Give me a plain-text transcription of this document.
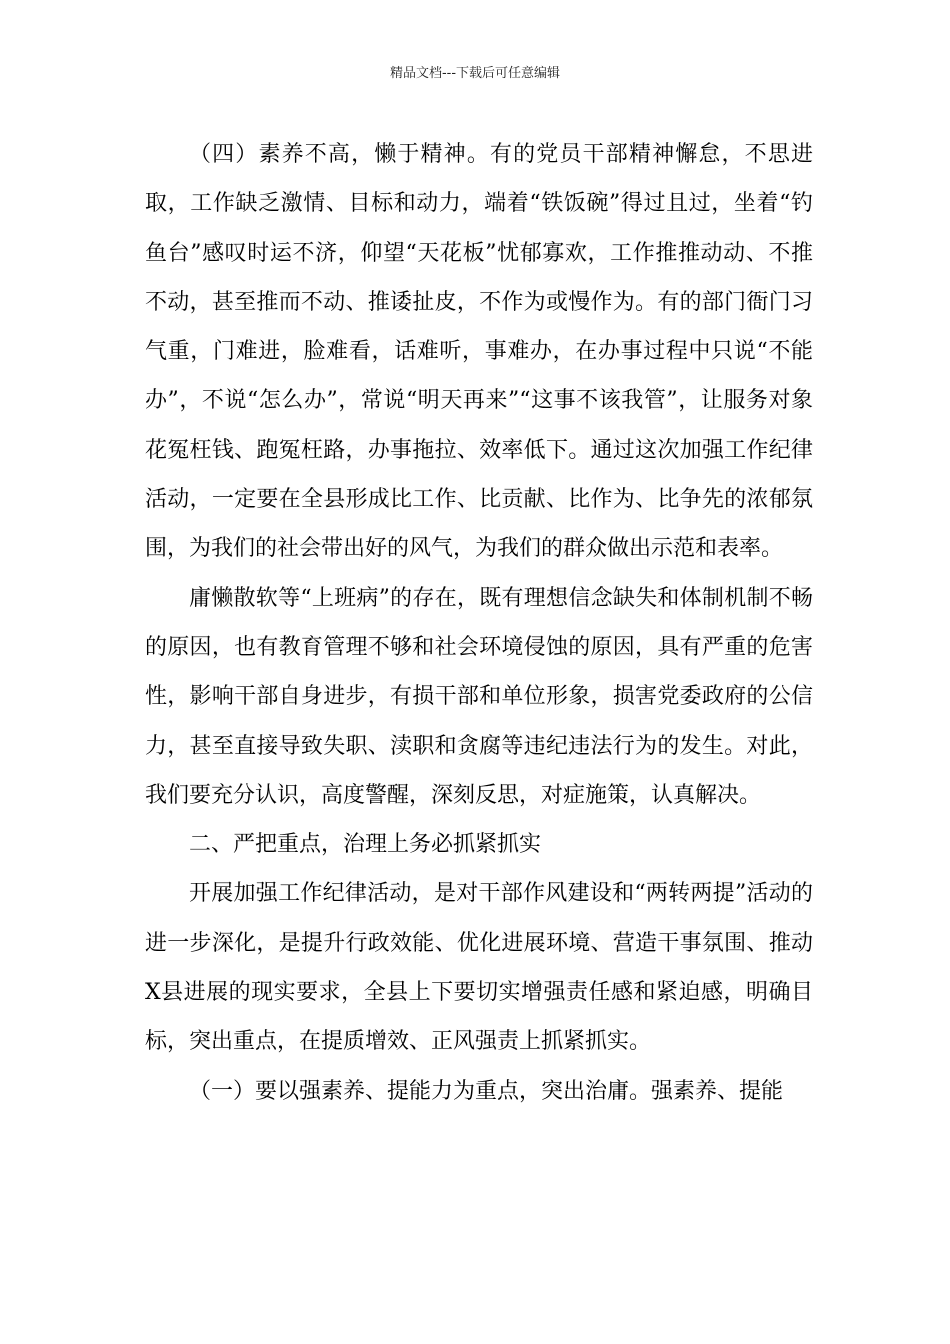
精品文档---下载后可任意编辑

（四）素养不高，懒于精神。有的党员干部精神懈怠，不思进取，工作缺乏激情、目标和动力，端着“铁饭碗”得过且过，坐着“钓鱼台”感叹时运不济，仰望“天花板”忧郁寡欢，工作推推动动、不推不动，甚至推而不动、推诿扯皮，不作为或慢作为。有的部门衙门习气重，门难进，脸难看，话难听，事难办，在办事过程中只说“不能办”，不说“怎么办”，常说“明天再来”“这事不该我管”，让服务对象花冤枉钱、跑冤枉路，办事拖拉、效率低下。通过这次加强工作纪律活动，一定要在全县形成比工作、比贡献、比作为、比争先的浓郁氛围，为我们的社会带出好的风气，为我们的群众做出示范和表率。

庸懒散软等“上班病”的存在，既有理想信念缺失和体制机制不畅的原因，也有教育管理不够和社会环境侵蚀的原因，具有严重的危害性，影响干部自身进步，有损干部和单位形象，损害党委政府的公信力，甚至直接导致失职、渎职和贪腐等违纪违法行为的发生。对此，我们要充分认识，高度警醒，深刻反思，对症施策，认真解决。

二、严把重点，治理上务必抓紧抓实

开展加强工作纪律活动，是对干部作风建设和“两转两提”活动的进一步深化，是提升行政效能、优化进展环境、营造干事氛围、推动X县进展的现实要求，全县上下要切实增强责任感和紧迫感，明确目标，突出重点，在提质增效、正风强责上抓紧抓实。

（一）要以强素养、提能力为重点，突出治庸。强素养、提能
